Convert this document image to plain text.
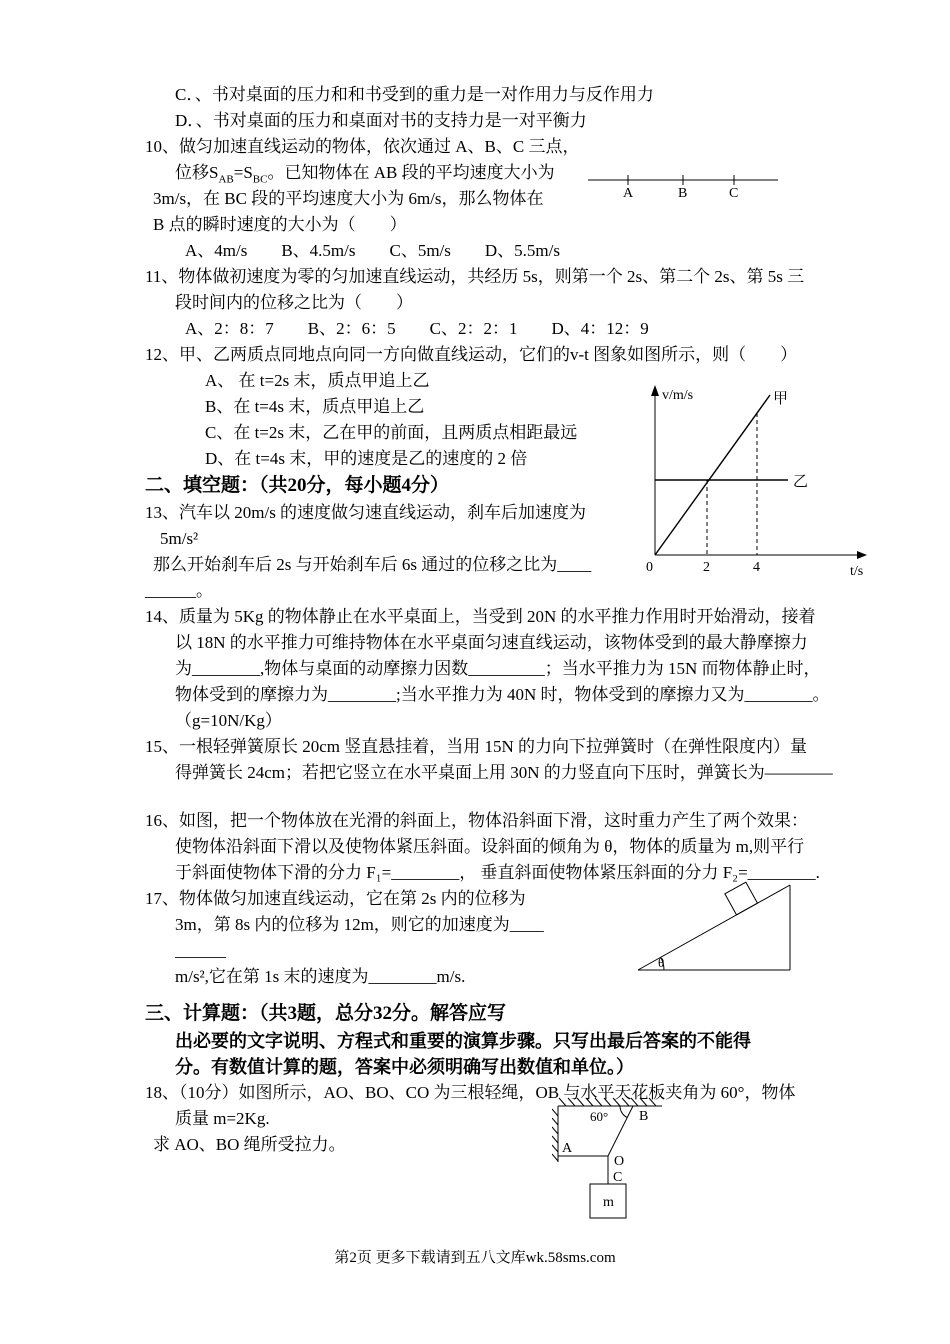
C．、书对桌面的压力和和书受到的重力是一对作用力与反作用力
D．、书对桌面的压力和桌面对书的支持力是一对平衡力
10、做匀加速直线运动的物体，依次通过 A、B、C 三点，
位移$S_{AB}=S_{BC}$。已知物体在 AB 段的平均速度大小为
3m/s，在 BC 段的平均速度大小为 6m/s，那么物体在
B 点的瞬时速度的大小为（　　）
A、4m/s　　B、4.5m/s　　C、5m/s　　D、5.5m/s
11、物体做初速度为零的匀加速直线运动，共经历 5s，则第一个 2s、第二个 2s、第 5s 三
段时间内的位移之比为（　　）
A、2：8：7　　B、2：6：5　　C、2：2：1　　D、4：12：9
12、甲、乙两质点同地点向同一方向做直线运动，它们的v-t 图象如图所示，则（　　）
A、 在 t=2s 末，质点甲追上乙
B、在 t=4s 末，质点甲追上乙
C、在 t=2s 末，乙在甲的前面，且两质点相距最远
D、在 t=4s 末，甲的速度是乙的速度的 2 倍
二、填空题：（共20分，每小题4分）
13、汽车以 20m/s 的速度做匀速直线运动，刹车后加速度为
5m/s²
那么开始刹车后 2s 与开始刹车后 6s 通过的位移之比为____
______。
14、质量为 5Kg 的物体静止在水平桌面上，当受到 20N 的水平推力作用时开始滑动，接着
以 18N 的水平推力可维持物体在水平桌面匀速直线运动，该物体受到的最大静摩擦力
为________,物体与桌面的动摩擦力因数_________；当水平推力为 15N 而物体静止时，
物体受到的摩擦力为________;当水平推力为 40N 时，物体受到的摩擦力又为________。
（g=10N/Kg）
15、一根轻弹簧原长 20cm 竖直悬挂着，当用 15N 的力向下拉弹簧时（在弹性限度内）量
得弹簧长 24cm；若把它竖立在水平桌面上用 30N 的力竖直向下压时，弹簧长为————
16、如图，把一个物体放在光滑的斜面上，物体沿斜面下滑，这时重力产生了两个效果：
使物体沿斜面下滑以及使物体紧压斜面。设斜面的倾角为 θ，物体的质量为 m,则平行
于斜面使物体下滑的分力 F₁=________， 垂直斜面使物体紧压斜面的分力 F₂=________.
17、物体做匀加速直线运动，它在第 2s 内的位移为
3m，第 8s 内的位移为 12m，则它的加速度为____
______
m/s²,它在第 1s 末的速度为________m/s.
三、计算题：（共3题，总分32分。解答应写
出必要的文字说明、方程式和重要的演算步骤。只写出最后答案的不能得
分。有数值计算的题，答案中必须明确写出数值和单位。）
18、（10分）如图所示，AO、BO、CO 为三根轻绳，OB 与水平天花板夹角为 60°，物体
质量 m=2Kg.
求 AO、BO 绳所受拉力。
A	B	C
v/m/s
t/s
0	2	4
甲
乙
θ
60° B
A
O
C
m
第2页 更多下载请到五八文库wk.58sms.com
